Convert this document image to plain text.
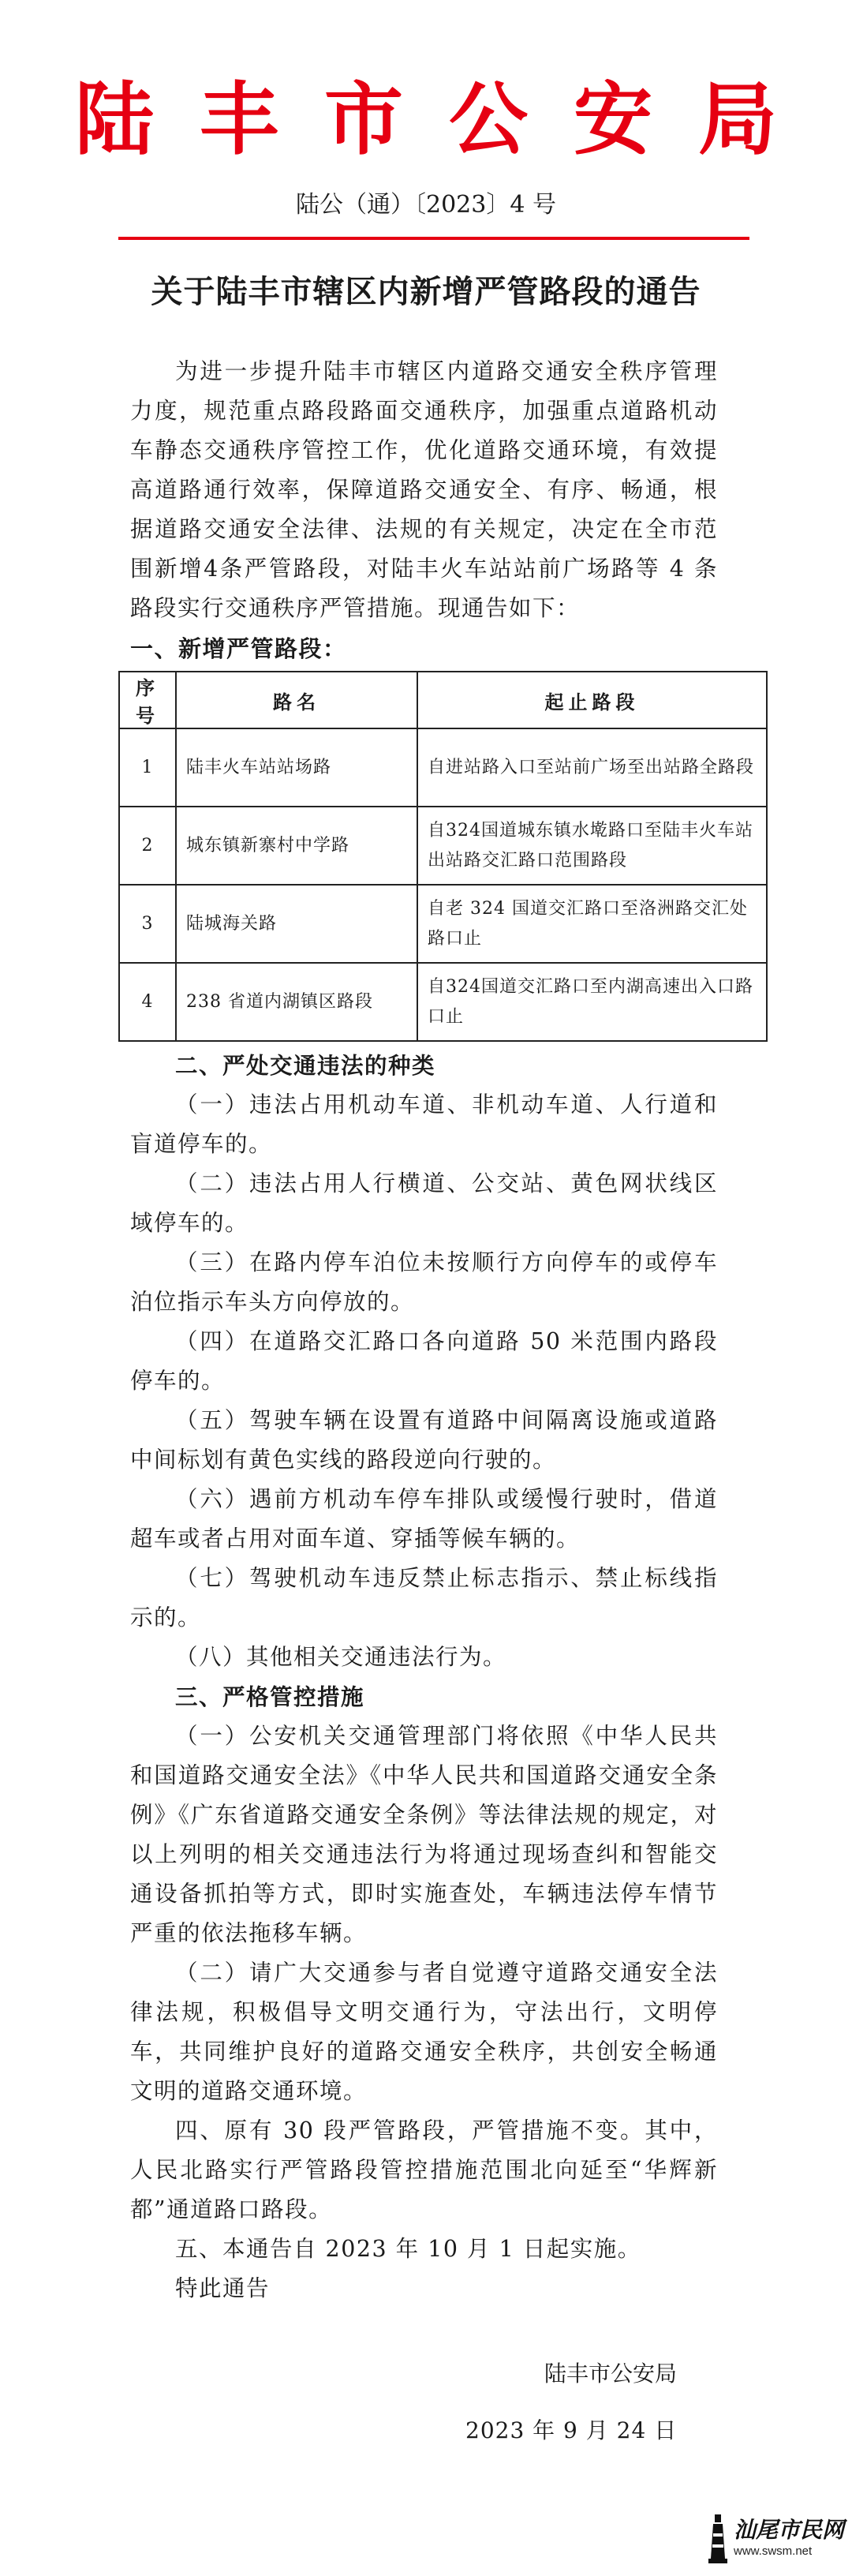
陆丰市公安局
陆公（通）〔2023〕4 号
关于陆丰市辖区内新增严管路段的通告

为进一步提升陆丰市辖区内道路交通安全秩序管理力度，规范重点路段路面交通秩序，加强重点道路机动车静态交通秩序管控工作，优化道路交通环境，有效提高道路通行效率，保障道路交通安全、有序、畅通，根据道路交通安全法律、法规的有关规定，决定在全市范围新增4条严管路段，对陆丰火车站站前广场路等 4 条路段实行交通秩序严管措施。现通告如下：

一、新增严管路段：
序号	路名	起止路段
1	陆丰火车站站场路	自进站路入口至站前广场至出站路全路段
2	城东镇新寨村中学路	自324国道城东镇水墘路口至陆丰火车站出站路交汇路口范围路段
3	陆城海关路	自老 324 国道交汇路口至洛洲路交汇处路口止
4	238 省道内湖镇区路段	自324国道交汇路口至内湖高速出入口路口止

二、严处交通违法的种类

（一）违法占用机动车道、非机动车道、人行道和盲道停车的。

（二）违法占用人行横道、公交站、黄色网状线区域停车的。

（三）在路内停车泊位未按顺行方向停车的或停车泊位指示车头方向停放的。

（四）在道路交汇路口各向道路 50 米范围内路段停车的。

（五）驾驶车辆在设置有道路中间隔离设施或道路中间标划有黄色实线的路段逆向行驶的。

（六）遇前方机动车停车排队或缓慢行驶时，借道超车或者占用对面车道、穿插等候车辆的。

（七）驾驶机动车违反禁止标志指示、禁止标线指示的。

（八）其他相关交通违法行为。

三、严格管控措施

（一）公安机关交通管理部门将依照《中华人民共和国道路交通安全法》《中华人民共和国道路交通安全条例》《广东省道路交通安全条例》等法律法规的规定，对以上列明的相关交通违法行为将通过现场查纠和智能交通设备抓拍等方式，即时实施查处，车辆违法停车情节严重的依法拖移车辆。

（二）请广大交通参与者自觉遵守道路交通安全法律法规，积极倡导文明交通行为，守法出行，文明停车，共同维护良好的道路交通安全秩序，共创安全畅通文明的道路交通环境。

四、原有 30 段严管路段，严管措施不变。其中，人民北路实行严管路段管控措施范围北向延至“华辉新都”通道路口路段。

五、本通告自 2023 年 10 月 1 日起实施。

特此通告

陆丰市公安局
2023 年 9 月 24 日
汕尾市民网
www.swsm.net
